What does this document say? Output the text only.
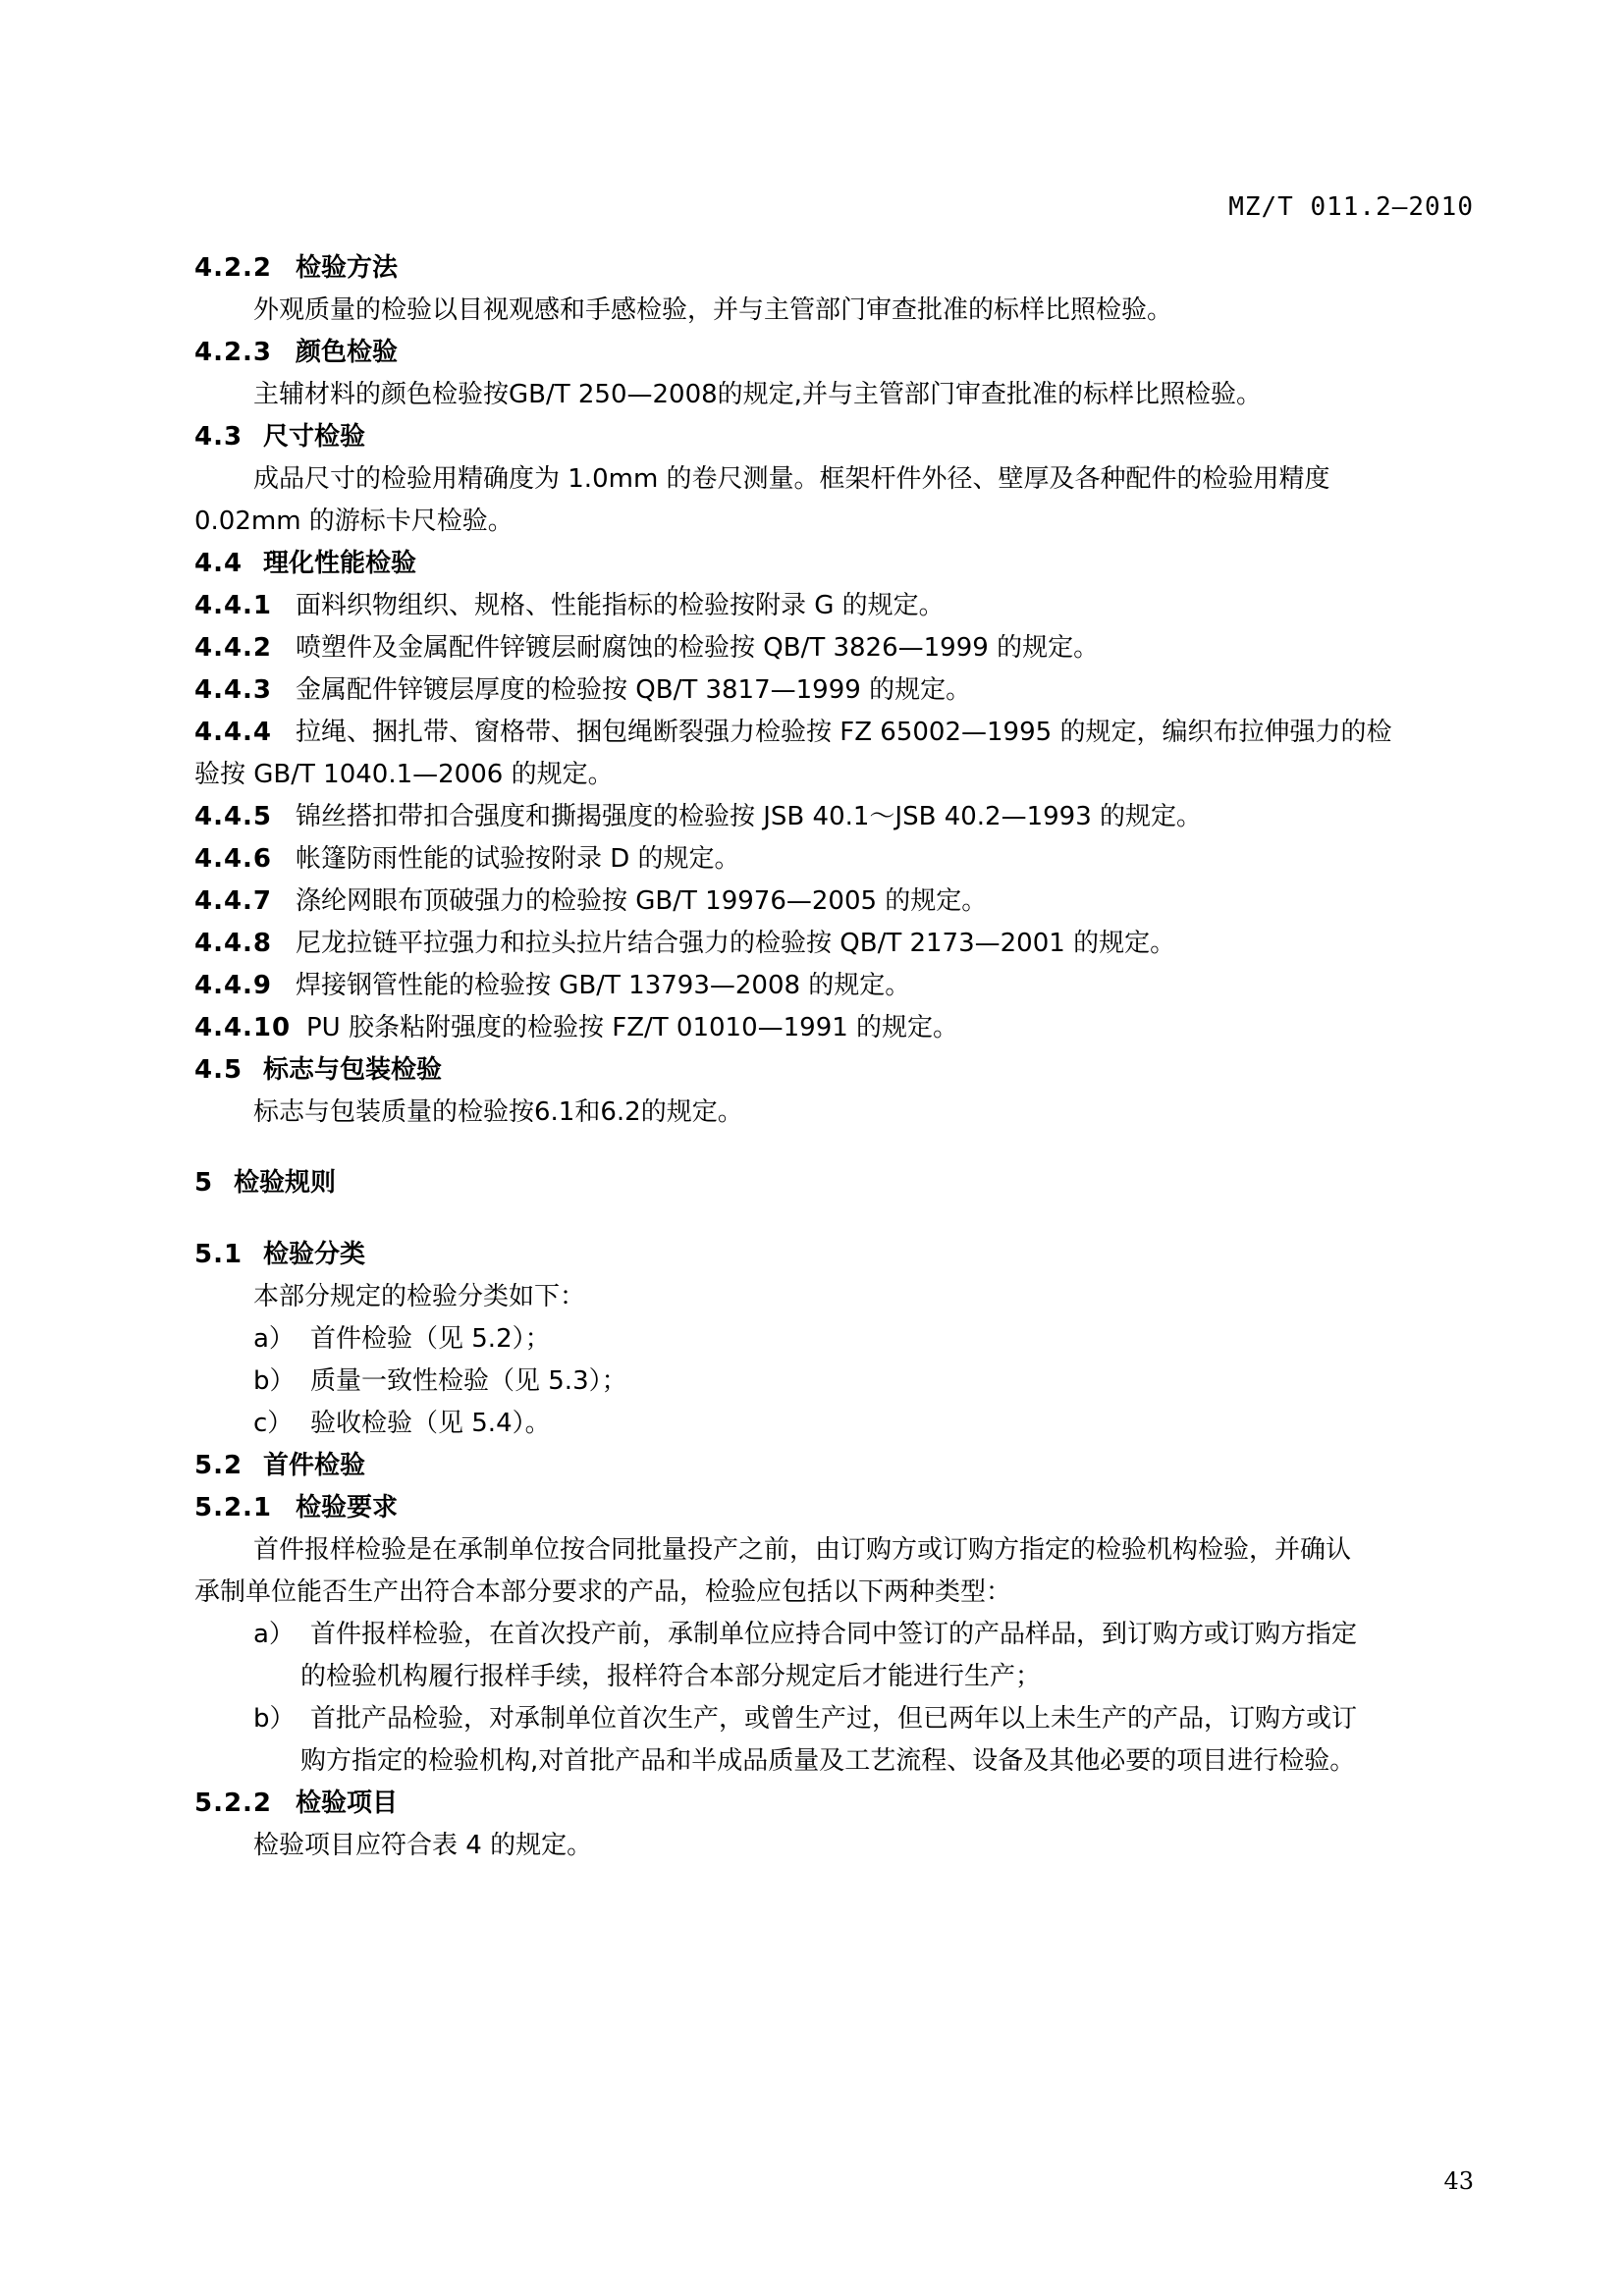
MZ/T 011.2—2010
4.2.2 检验方法
外观质量的检验以目视观感和手感检验，并与主管部门审查批准的标样比照检验。
4.2.3 颜色检验
主辅材料的颜色检验按GB/T 250—2008的规定,并与主管部门审查批准的标样比照检验。
4.3 尺寸检验
成品尺寸的检验用精确度为 1.0mm 的卷尺测量。框架杆件外径、壁厚及各种配件的检验用精度
0.02mm 的游标卡尺检验。
4.4 理化性能检验
4.4.1 面料织物组织、规格、性能指标的检验按附录 G 的规定。
4.4.2 喷塑件及金属配件锌镀层耐腐蚀的检验按 QB/T 3826—1999 的规定。
4.4.3 金属配件锌镀层厚度的检验按 QB/T 3817—1999 的规定。
4.4.4 拉绳、捆扎带、窗格带、捆包绳断裂强力检验按 FZ 65002—1995 的规定，编织布拉伸强力的检
验按 GB/T 1040.1—2006 的规定。
4.4.5 锦丝搭扣带扣合强度和撕揭强度的检验按 JSB 40.1～JSB 40.2—1993 的规定。
4.4.6 帐篷防雨性能的试验按附录 D 的规定。
4.4.7 涤纶网眼布顶破强力的检验按 GB/T 19976—2005 的规定。
4.4.8 尼龙拉链平拉强力和拉头拉片结合强力的检验按 QB/T 2173—2001 的规定。
4.4.9 焊接钢管性能的检验按 GB/T 13793—2008 的规定。
4.4.10 PU 胶条粘附强度的检验按 FZ/T 01010—1991 的规定。
4.5 标志与包装检验
标志与包装质量的检验按6.1和6.2的规定。
5 检验规则
5.1 检验分类
本部分规定的检验分类如下：
a） 首件检验（见 5.2）；
b） 质量一致性检验（见 5.3）；
c） 验收检验（见 5.4）。
5.2 首件检验
5.2.1 检验要求
首件报样检验是在承制单位按合同批量投产之前，由订购方或订购方指定的检验机构检验，并确认
承制单位能否生产出符合本部分要求的产品，检验应包括以下两种类型：
a） 首件报样检验，在首次投产前，承制单位应持合同中签订的产品样品，到订购方或订购方指定
的检验机构履行报样手续，报样符合本部分规定后才能进行生产；
b） 首批产品检验，对承制单位首次生产，或曾生产过，但已两年以上未生产的产品，订购方或订
购方指定的检验机构,对首批产品和半成品质量及工艺流程、设备及其他必要的项目进行检验。
5.2.2 检验项目
检验项目应符合表 4 的规定。
43
